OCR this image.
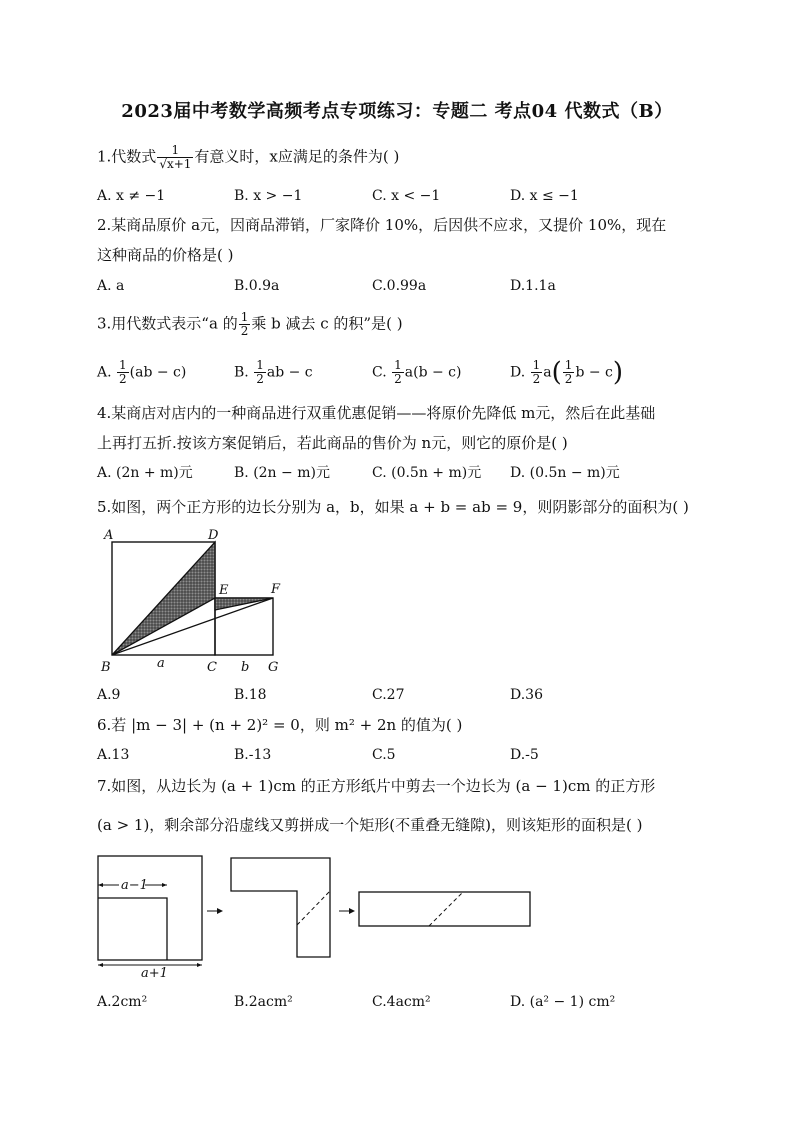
2023届中考数学高频考点专项练习：专题二 考点04 代数式（B）
1.代数式 $\frac{1}{√x+1}$ 有意义时，x应满足的条件为( )
A. x ≠ −1	B. x > −1	C. x < −1	D. x ≤ −1
2.某商品原价 a元，因商品滞销，厂家降价 10%，后因供不应求，又提价 10%，现在
这种商品的价格是( )
A. a	B.0.9a	C.0.99a	D.1.1a
3.用代数式表示“a 的 $\frac{1}{2}$ 乘 b 减去 c 的积”是( )
A. $\frac{1}{2} (ab - c)$	B. $\frac{1}{2}$ ab − c	C. $\frac{1}{2} a(b - c)$	D. $\frac{1}{2} a( \frac{1}{2}$ b − c)
4.某商店对店内的一种商品进行双重优惠促销——将原价先降低 m元，然后在此基础
上再打五折.按该方案促销后，若此商品的售价为 n元，则它的原价是( )
A. (2n + m)元	B. (2n − m)元	C. (0.5n + m)元 D. (0.5n − m)元
5.如图，两个正方形的边长分别为 a，b，如果 a + b = ab = 9，则阴影部分的面积为( )
A	D
E	F
B	a	C b G
A.9	B.18	C.27	D.36
6.若 |m − 3| + (n + 2)² = 0，则 m² + 2n 的值为( )
A.13	B.-13	C.5	D.-5
7.如图，从边长为 (a + 1)cm 的正方形纸片中剪去一个边长为 (a − 1)cm 的正方形
(a > 1)，剩余部分沿虚线又剪拼成一个矩形(不重叠无缝隙)，则该矩形的面积是( )
a−1
a+1
A.2cm²	B.2acm²	C.4acm²	D. (a² − 1) cm²
